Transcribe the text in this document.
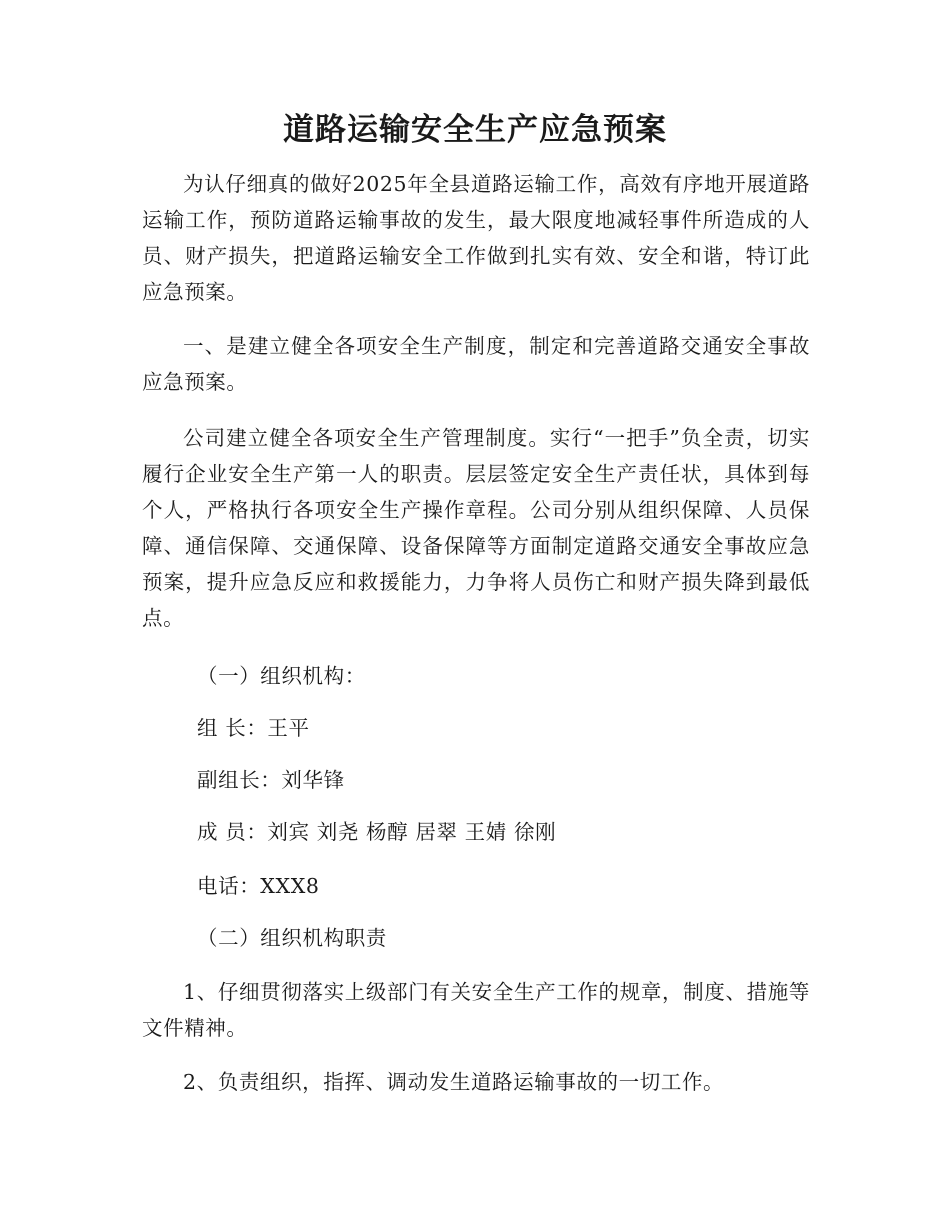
道路运输安全生产应急预案
为认仔细真的做好2025年全县道路运输工作，高效有序地开展道路运输工作，预防道路运输事故的发生，最大限度地减轻事件所造成的人员、财产损失，把道路运输安全工作做到扎实有效、安全和谐，特订此应急预案。
一、是建立健全各项安全生产制度，制定和完善道路交通安全事故应急预案。
公司建立健全各项安全生产管理制度。实行“一把手”负全责，切实履行企业安全生产第一人的职责。层层签定安全生产责任状，具体到每个人，严格执行各项安全生产操作章程。公司分别从组织保障、人员保障、通信保障、交通保障、设备保障等方面制定道路交通安全事故应急预案，提升应急反应和救援能力，力争将人员伤亡和财产损失降到最低点。
（一）组织机构：
组 长：王平
副组长：刘华锋
成 员：刘宾 刘尧 杨醇 居翠 王婧 徐刚
电话：XXX8
（二）组织机构职责
1、仔细贯彻落实上级部门有关安全生产工作的规章，制度、措施等文件精神。
2、负责组织，指挥、调动发生道路运输事故的一切工作。
